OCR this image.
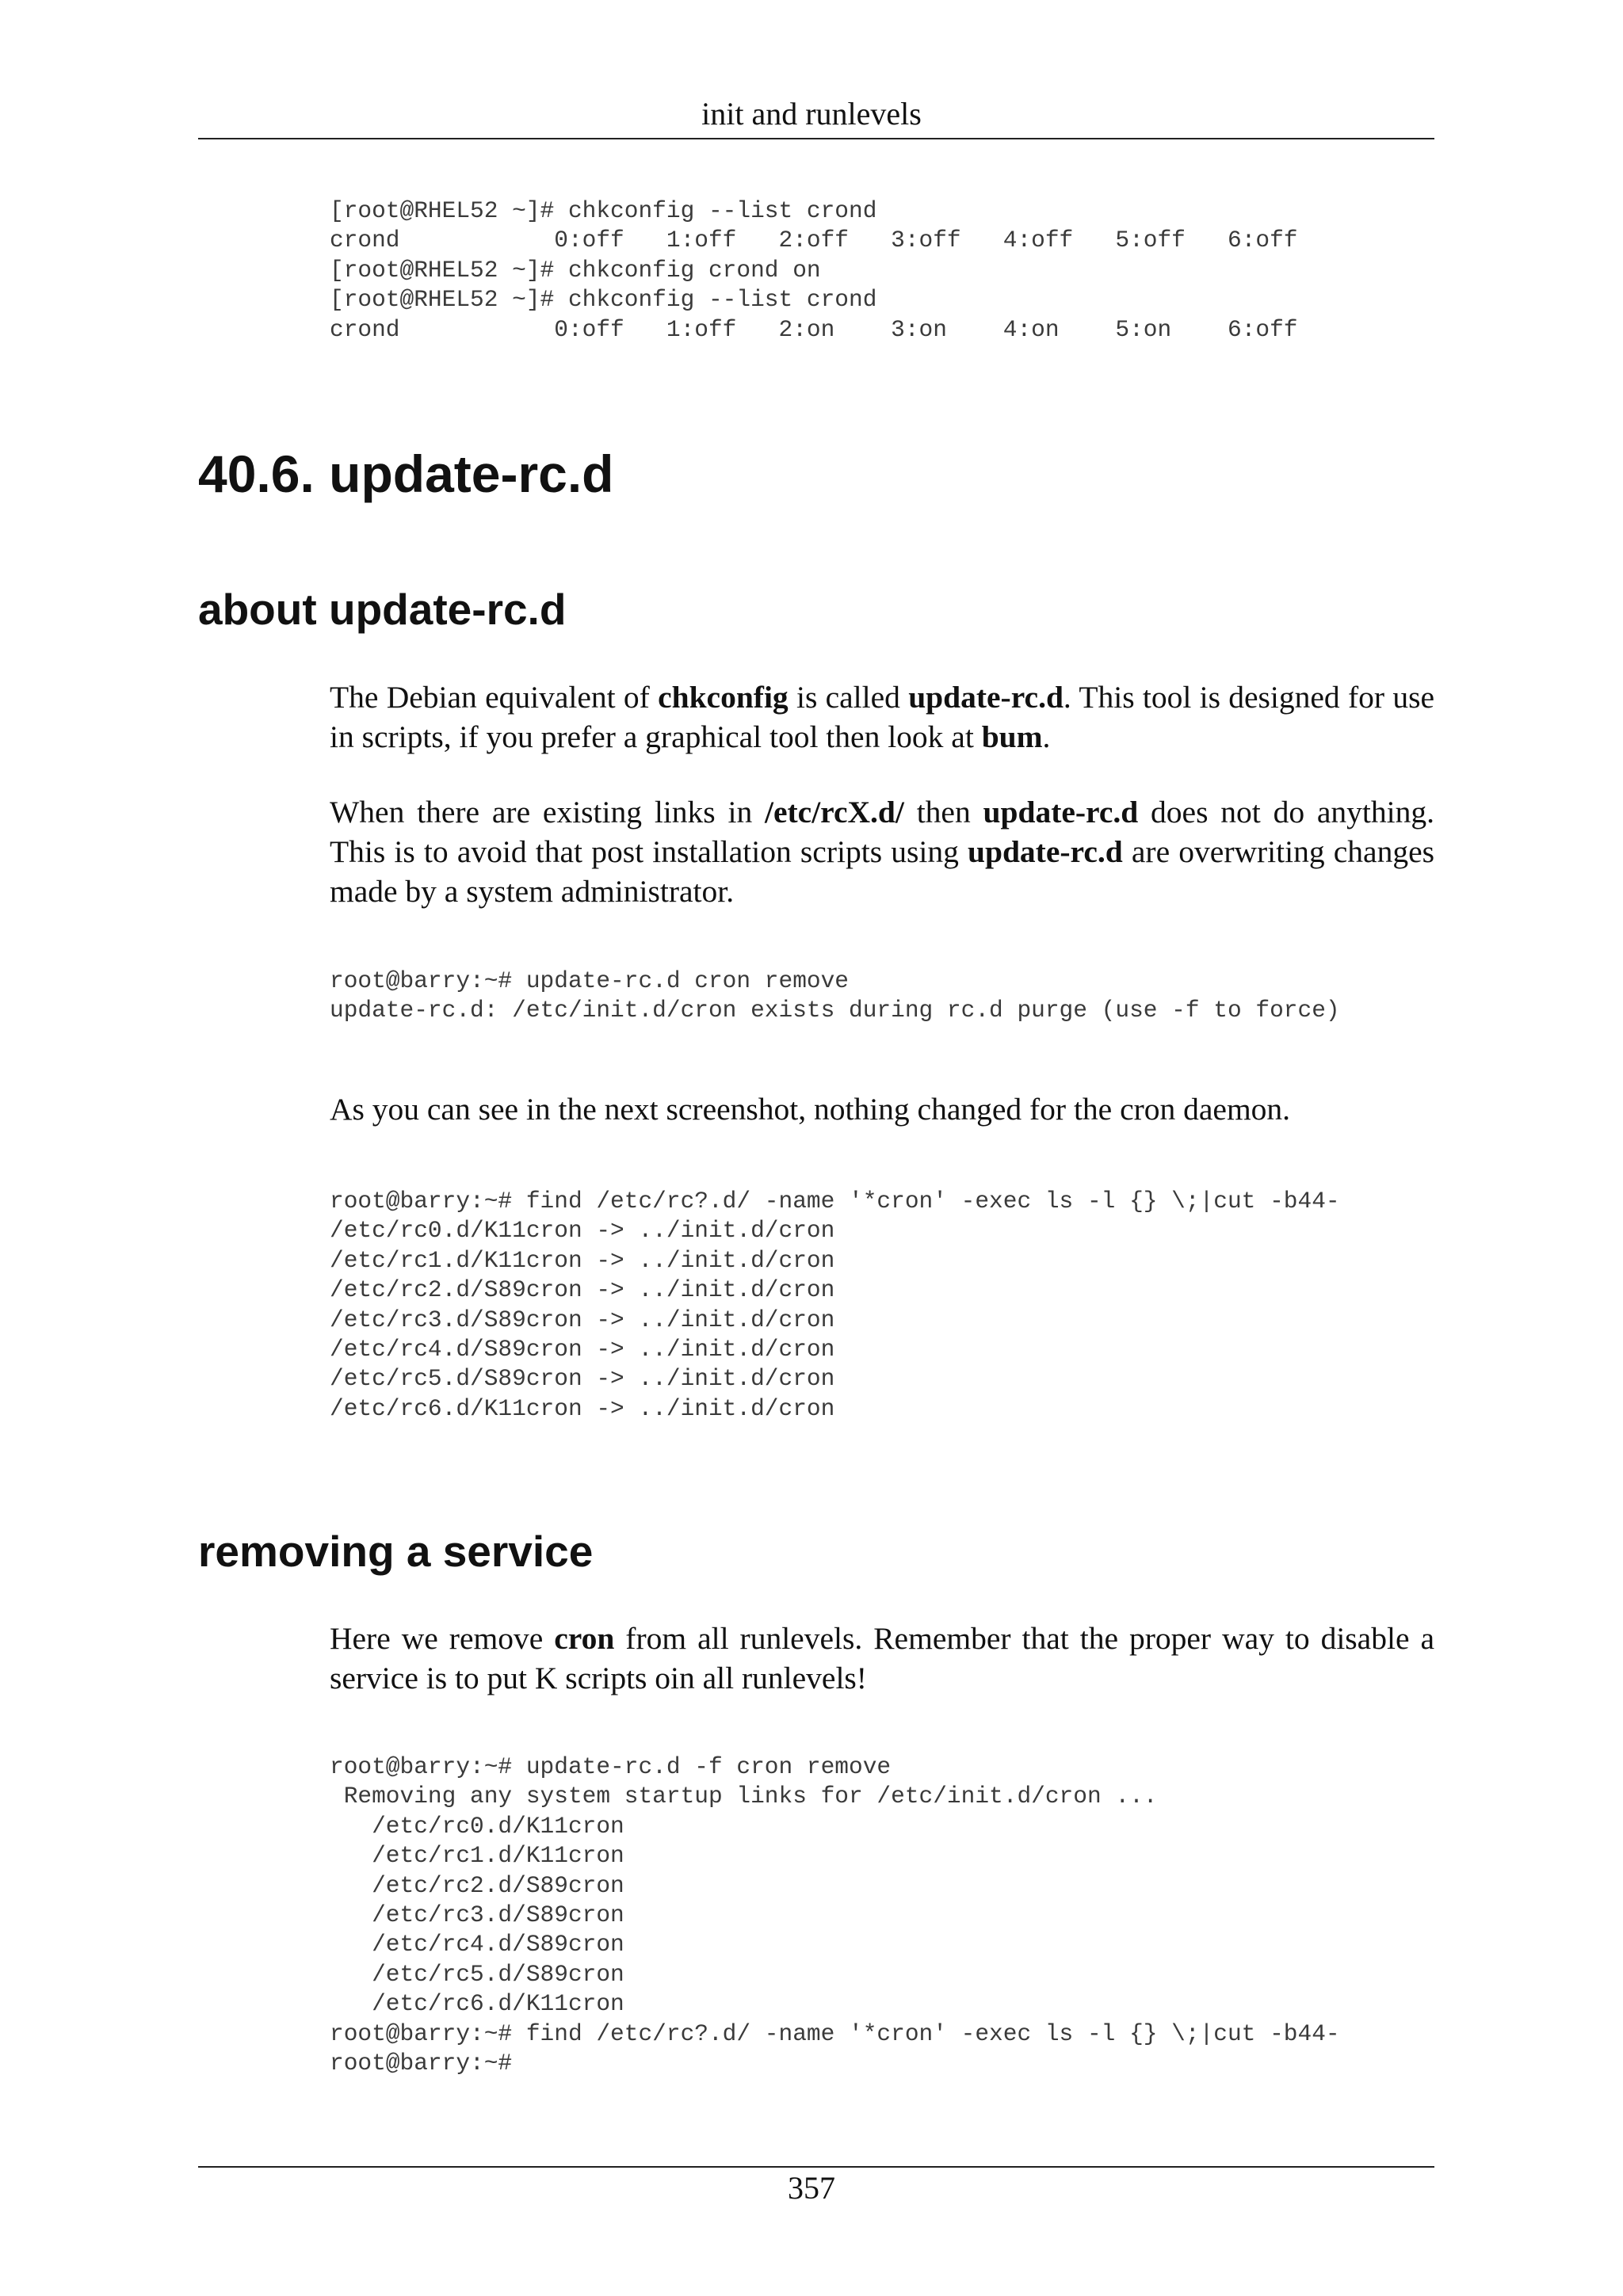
init and runlevels
[root@RHEL52 ~]# chkconfig --list crond
crond           0:off   1:off   2:off   3:off   4:off   5:off   6:off
[root@RHEL52 ~]# chkconfig crond on
[root@RHEL52 ~]# chkconfig --list crond
crond           0:off   1:off   2:on    3:on    4:on    5:on    6:off
40.6. update-rc.d
about update-rc.d

The Debian equivalent of chkconfig is called update-rc.d. This tool is designed for use in scripts, if you prefer a graphical tool then look at bum.

When there are existing links in /etc/rcX.d/ then update-rc.d does not do anything. This is to avoid that post installation scripts using update-rc.d are overwriting changes made by a system administrator.

root@barry:~# update-rc.d cron remove
update-rc.d: /etc/init.d/cron exists during rc.d purge (use -f to force)

As you can see in the next screenshot, nothing changed for the cron daemon.

root@barry:~# find /etc/rc?.d/ -name '*cron' -exec ls -l {} \;|cut -b44-
/etc/rc0.d/K11cron -> ../init.d/cron
/etc/rc1.d/K11cron -> ../init.d/cron
/etc/rc2.d/S89cron -> ../init.d/cron
/etc/rc3.d/S89cron -> ../init.d/cron
/etc/rc4.d/S89cron -> ../init.d/cron
/etc/rc5.d/S89cron -> ../init.d/cron
/etc/rc6.d/K11cron -> ../init.d/cron
removing a service

Here we remove cron from all runlevels. Remember that the proper way to disable a service is to put K scripts oin all runlevels!

root@barry:~# update-rc.d -f cron remove
Removing any system startup links for /etc/init.d/cron ...
/etc/rc0.d/K11cron
/etc/rc1.d/K11cron
/etc/rc2.d/S89cron
/etc/rc3.d/S89cron
/etc/rc4.d/S89cron
/etc/rc5.d/S89cron
/etc/rc6.d/K11cron
root@barry:~# find /etc/rc?.d/ -name '*cron' -exec ls -l {} \;|cut -b44-
root@barry:~#
357
